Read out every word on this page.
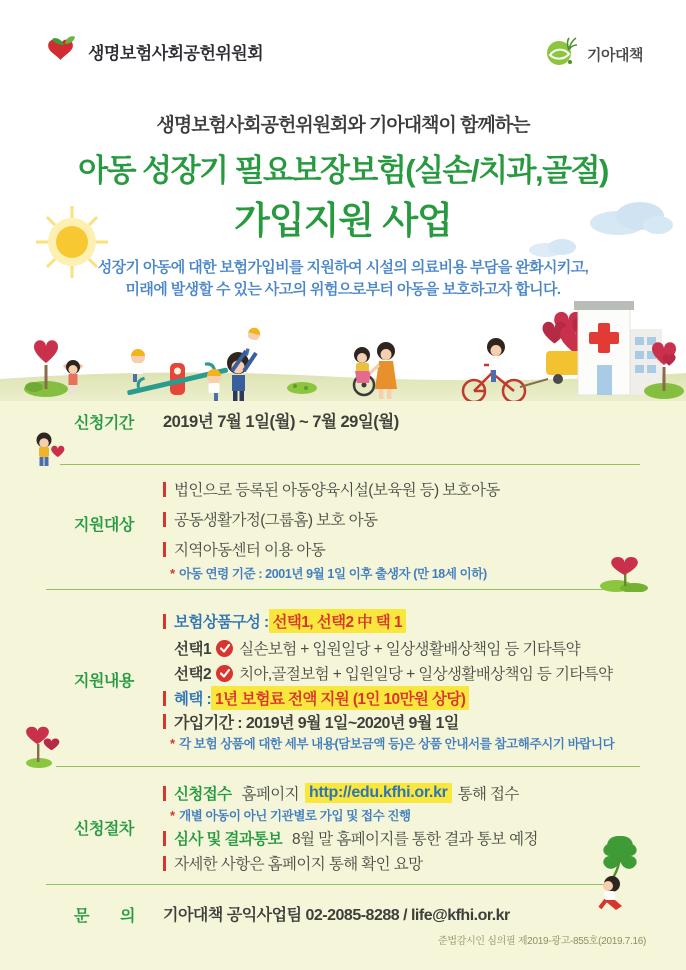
생명보험사회공헌위원회	기아대책
생명보험사회공헌위원회와 기아대책이 함께하는
아동 성장기 필요보장보험(실손/치과,골절)
가입지원 사업
성장기 아동에 대한 보험가입비를 지원하여 시설의 의료비용 부담을 완화시키고,
미래에 발생할 수 있는 사고의 위험으로부터 아동을 보호하고자 합니다.
신청기간 2019년 7월 1일(월) ~ 7월 29일(월)
지원대상
법인으로 등록된 아동양육시설(보육원 등) 보호아동
공동생활가정(그룹홈) 보호 아동
지역아동센터 이용 아동
* 아동 연령 기준 : 2001년 9월 1일 이후 출생자 (만 18세 이하)
지원내용
보험상품구성 : 선택1, 선택2 中 택 1
선택1 실손보험 + 입원일당 + 일상생활배상책임 등 기타특약
선택2 치아,골절보험 + 입원일당 + 일상생활배상책임 등 기타특약
혜택 : 1년 보험료 전액 지원 (1인 10만원 상당)
가입기간 : 2019년 9월 1일~2020년 9월 1일
* 각 보험 상품에 대한 세부 내용(담보금액 등)은 상품 안내서를 참고해주시기 바랍니다
신청절차
신청접수 홈페이지 http://edu.kfhi.or.kr 통해 접수
* 개별 아동이 아닌 기관별로 가입 및 접수 진행
심사 및 결과통보 8월 말 홈페이지를 통한 결과 통보 예정
자세한 사항은 홈페이지 통해 확인 요망
문　　의 기아대책 공익사업팀 02-2085-8288 / life@kfhi.or.kr
준법감시인 심의필 제2019-광고-855호(2019.7.16)
